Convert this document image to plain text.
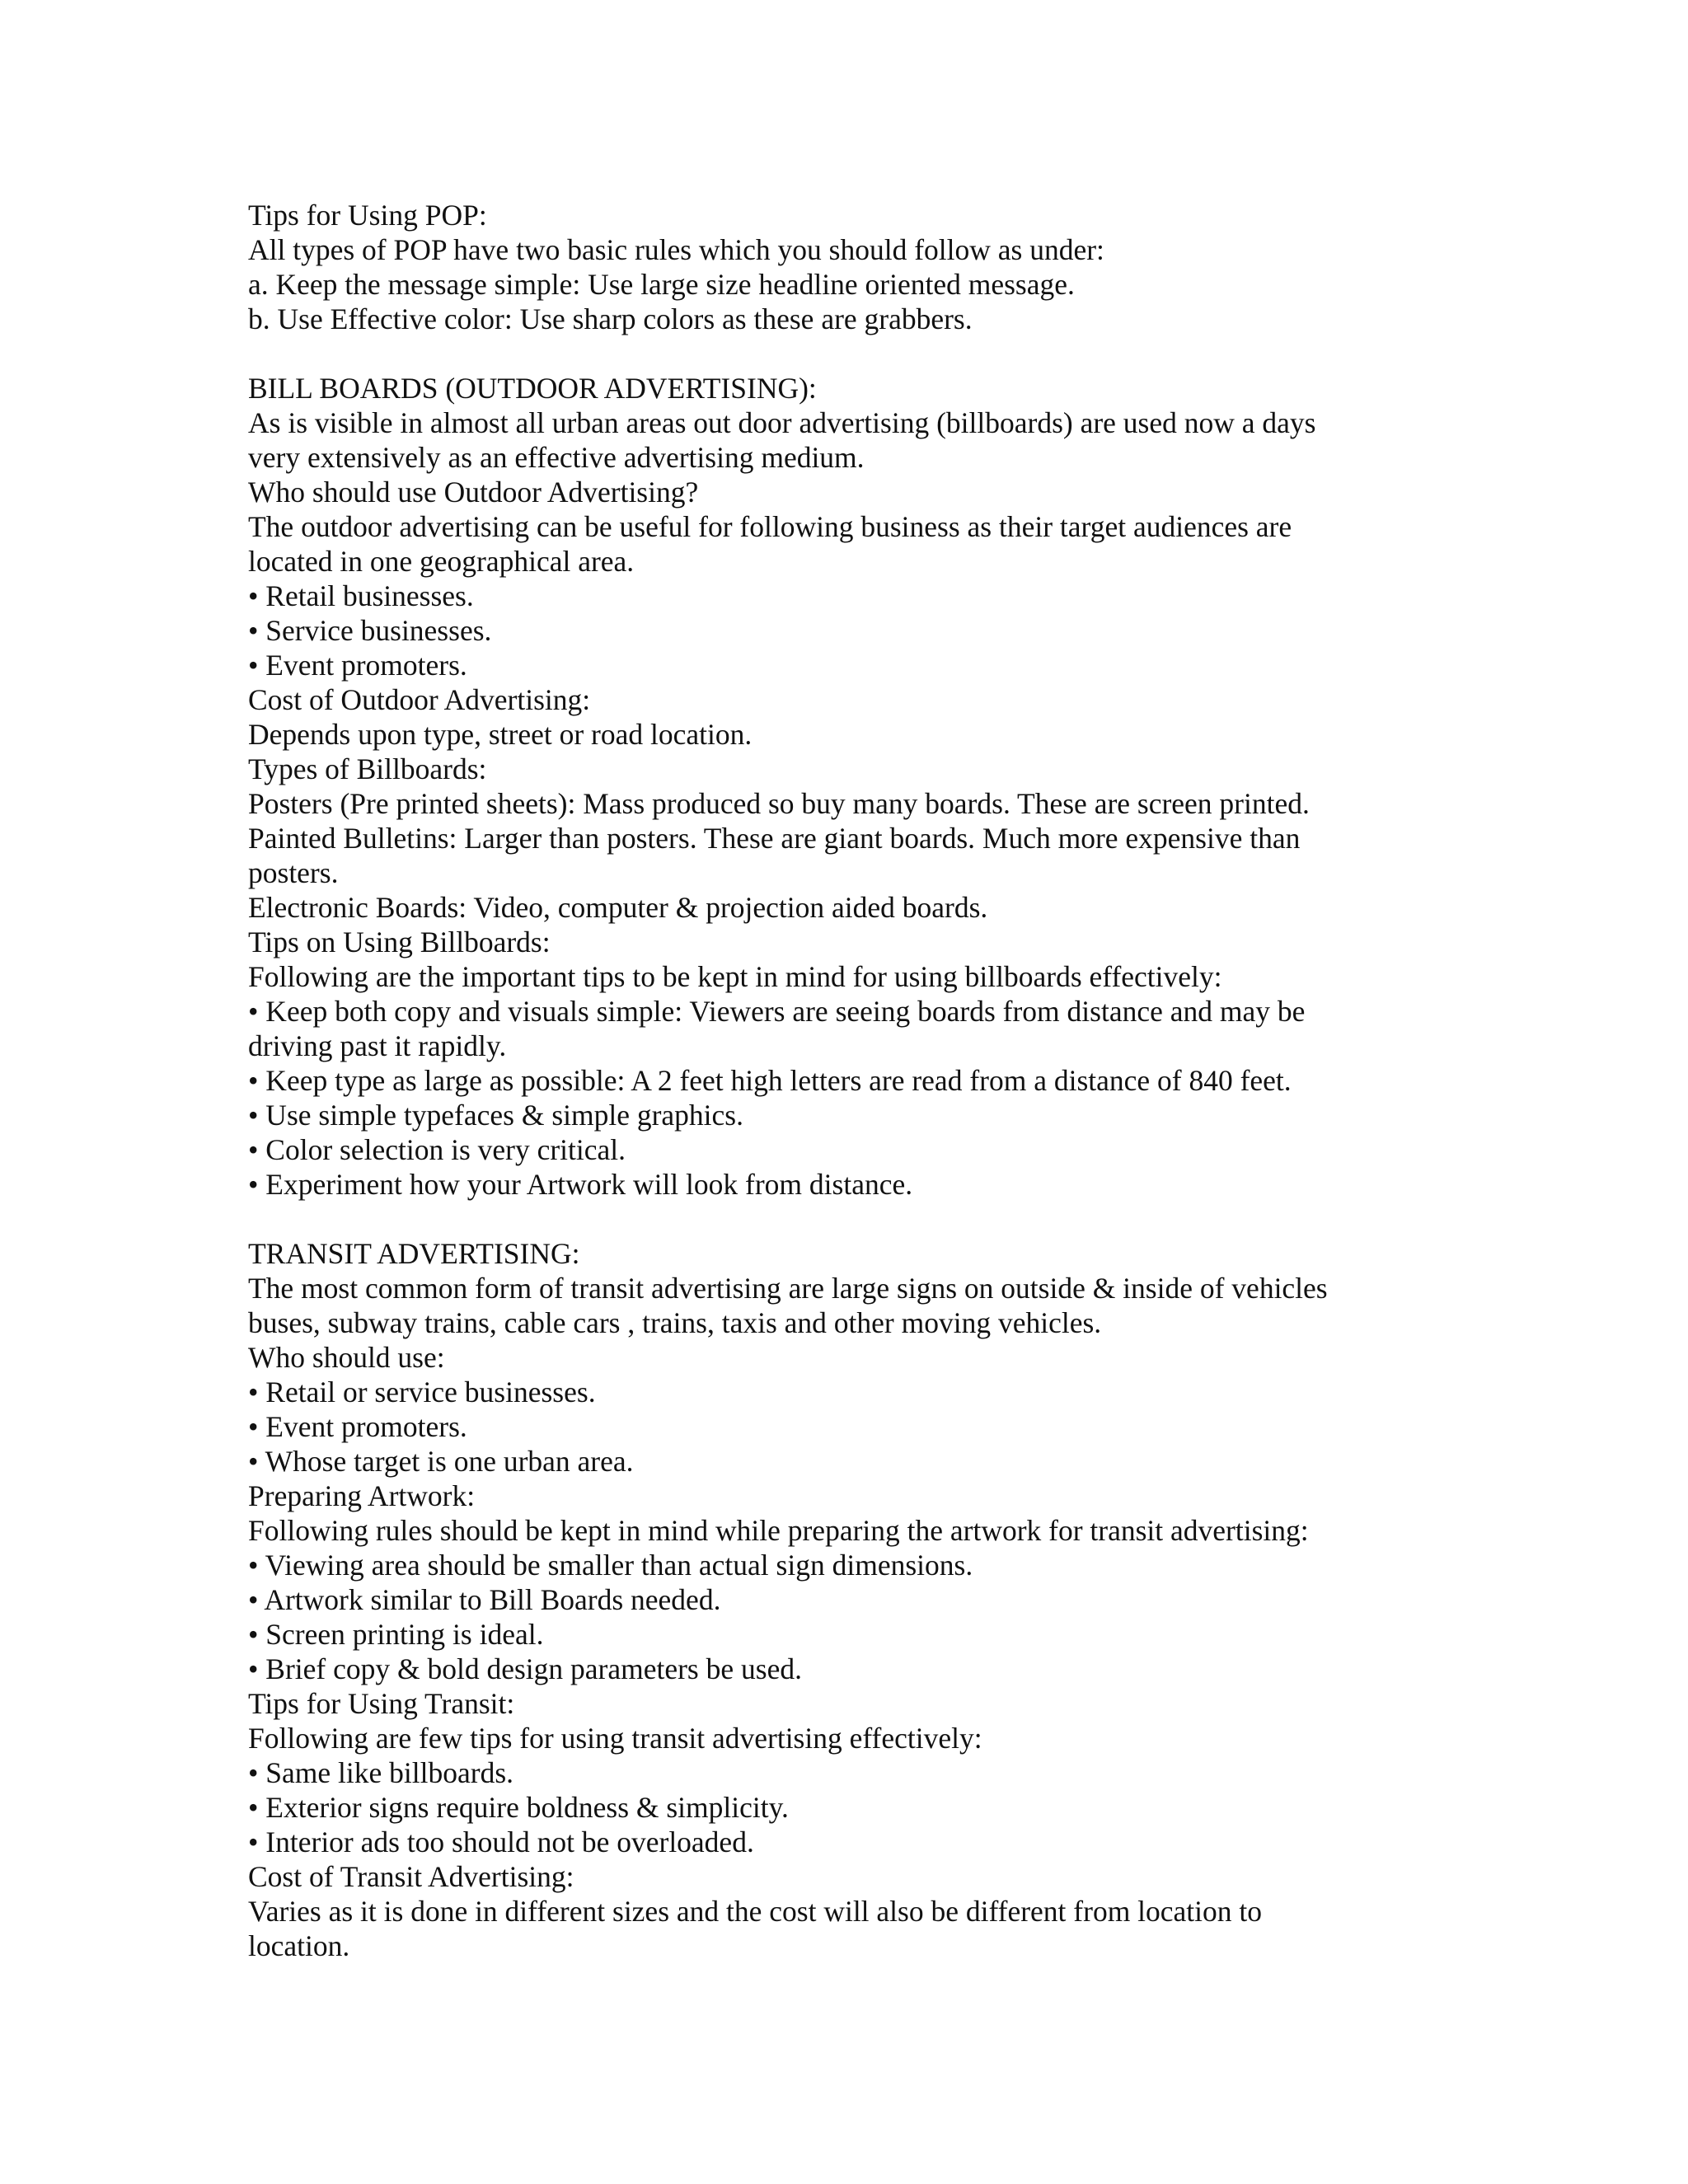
Tips for Using POP:
All types of POP have two basic rules which you should follow as under:
a. Keep the message simple: Use large size headline oriented message.
b. Use Effective color: Use sharp colors as these are grabbers.
BILL BOARDS (OUTDOOR ADVERTISING):
As is visible in almost all urban areas out door advertising (billboards) are used now a days
very extensively as an effective advertising medium.
Who should use Outdoor Advertising?
The outdoor advertising can be useful for following business as their target audiences are
located in one geographical area.
• Retail businesses.
• Service businesses.
• Event promoters.
Cost of Outdoor Advertising:
Depends upon type, street or road location.
Types of Billboards:
Posters (Pre printed sheets): Mass produced so buy many boards. These are screen printed.
Painted Bulletins: Larger than posters. These are giant boards. Much more expensive than
posters.
Electronic Boards: Video, computer & projection aided boards.
Tips on Using Billboards:
Following are the important tips to be kept in mind for using billboards effectively:
• Keep both copy and visuals simple: Viewers are seeing boards from distance and may be
driving past it rapidly.
• Keep type as large as possible: A 2 feet high letters are read from a distance of 840 feet.
• Use simple typefaces & simple graphics.
• Color selection is very critical.
• Experiment how your Artwork will look from distance.
TRANSIT ADVERTISING:
The most common form of transit advertising are large signs on outside & inside of vehicles
buses, subway trains, cable cars , trains, taxis and other moving vehicles.
Who should use:
• Retail or service businesses.
• Event promoters.
• Whose target is one urban area.
Preparing Artwork:
Following rules should be kept in mind while preparing the artwork for transit advertising:
• Viewing area should be smaller than actual sign dimensions.
• Artwork similar to Bill Boards needed.
• Screen printing is ideal.
• Brief copy & bold design parameters be used.
Tips for Using Transit:
Following are few tips for using transit advertising effectively:
• Same like billboards.
• Exterior signs require boldness & simplicity.
• Interior ads too should not be overloaded.
Cost of Transit Advertising:
Varies as it is done in different sizes and the cost will also be different from location to
location.
